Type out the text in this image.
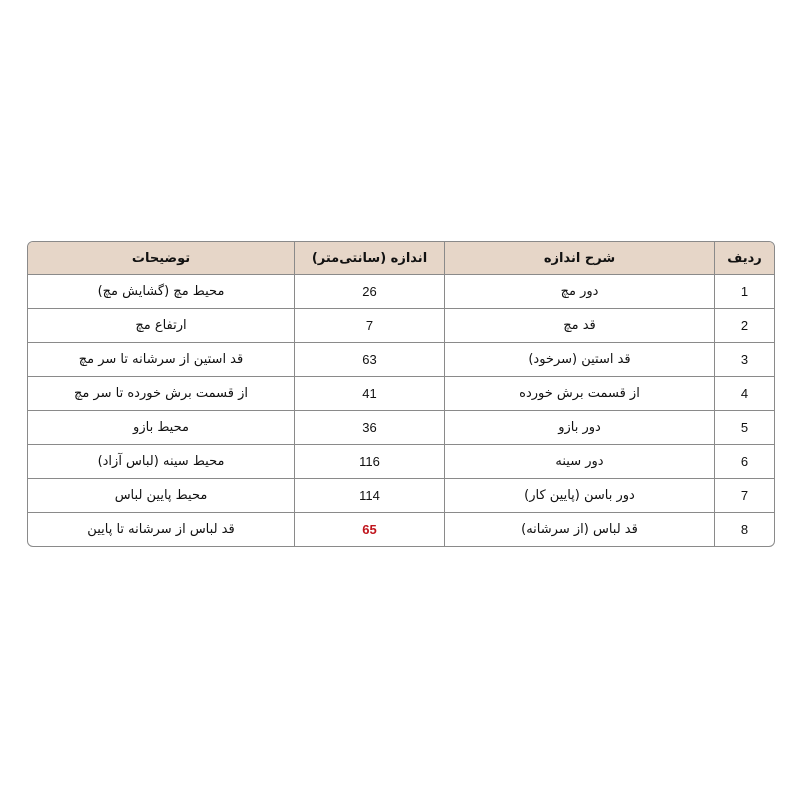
ردیف	شرح اندازه	اندازه (سانتی‌متر)	توضیحات
1	دور مچ	26	محیط مچ (گشایش مچ)
2	قد مچ	7	ارتفاع مچ
3	قد استین (سرخود)	63	قد استین از سرشانه تا سر مچ
4	از قسمت برش خورده	41	از قسمت برش خورده تا سر مچ
5	دور بازو	36	محیط بازو
6	دور سینه	116	محیط سینه (لباس آزاد)
7	دور باسن (پایین کار)	114	محیط پایین لباس
8	قد لباس (از سرشانه)	65	قد لباس از سرشانه تا پایین
